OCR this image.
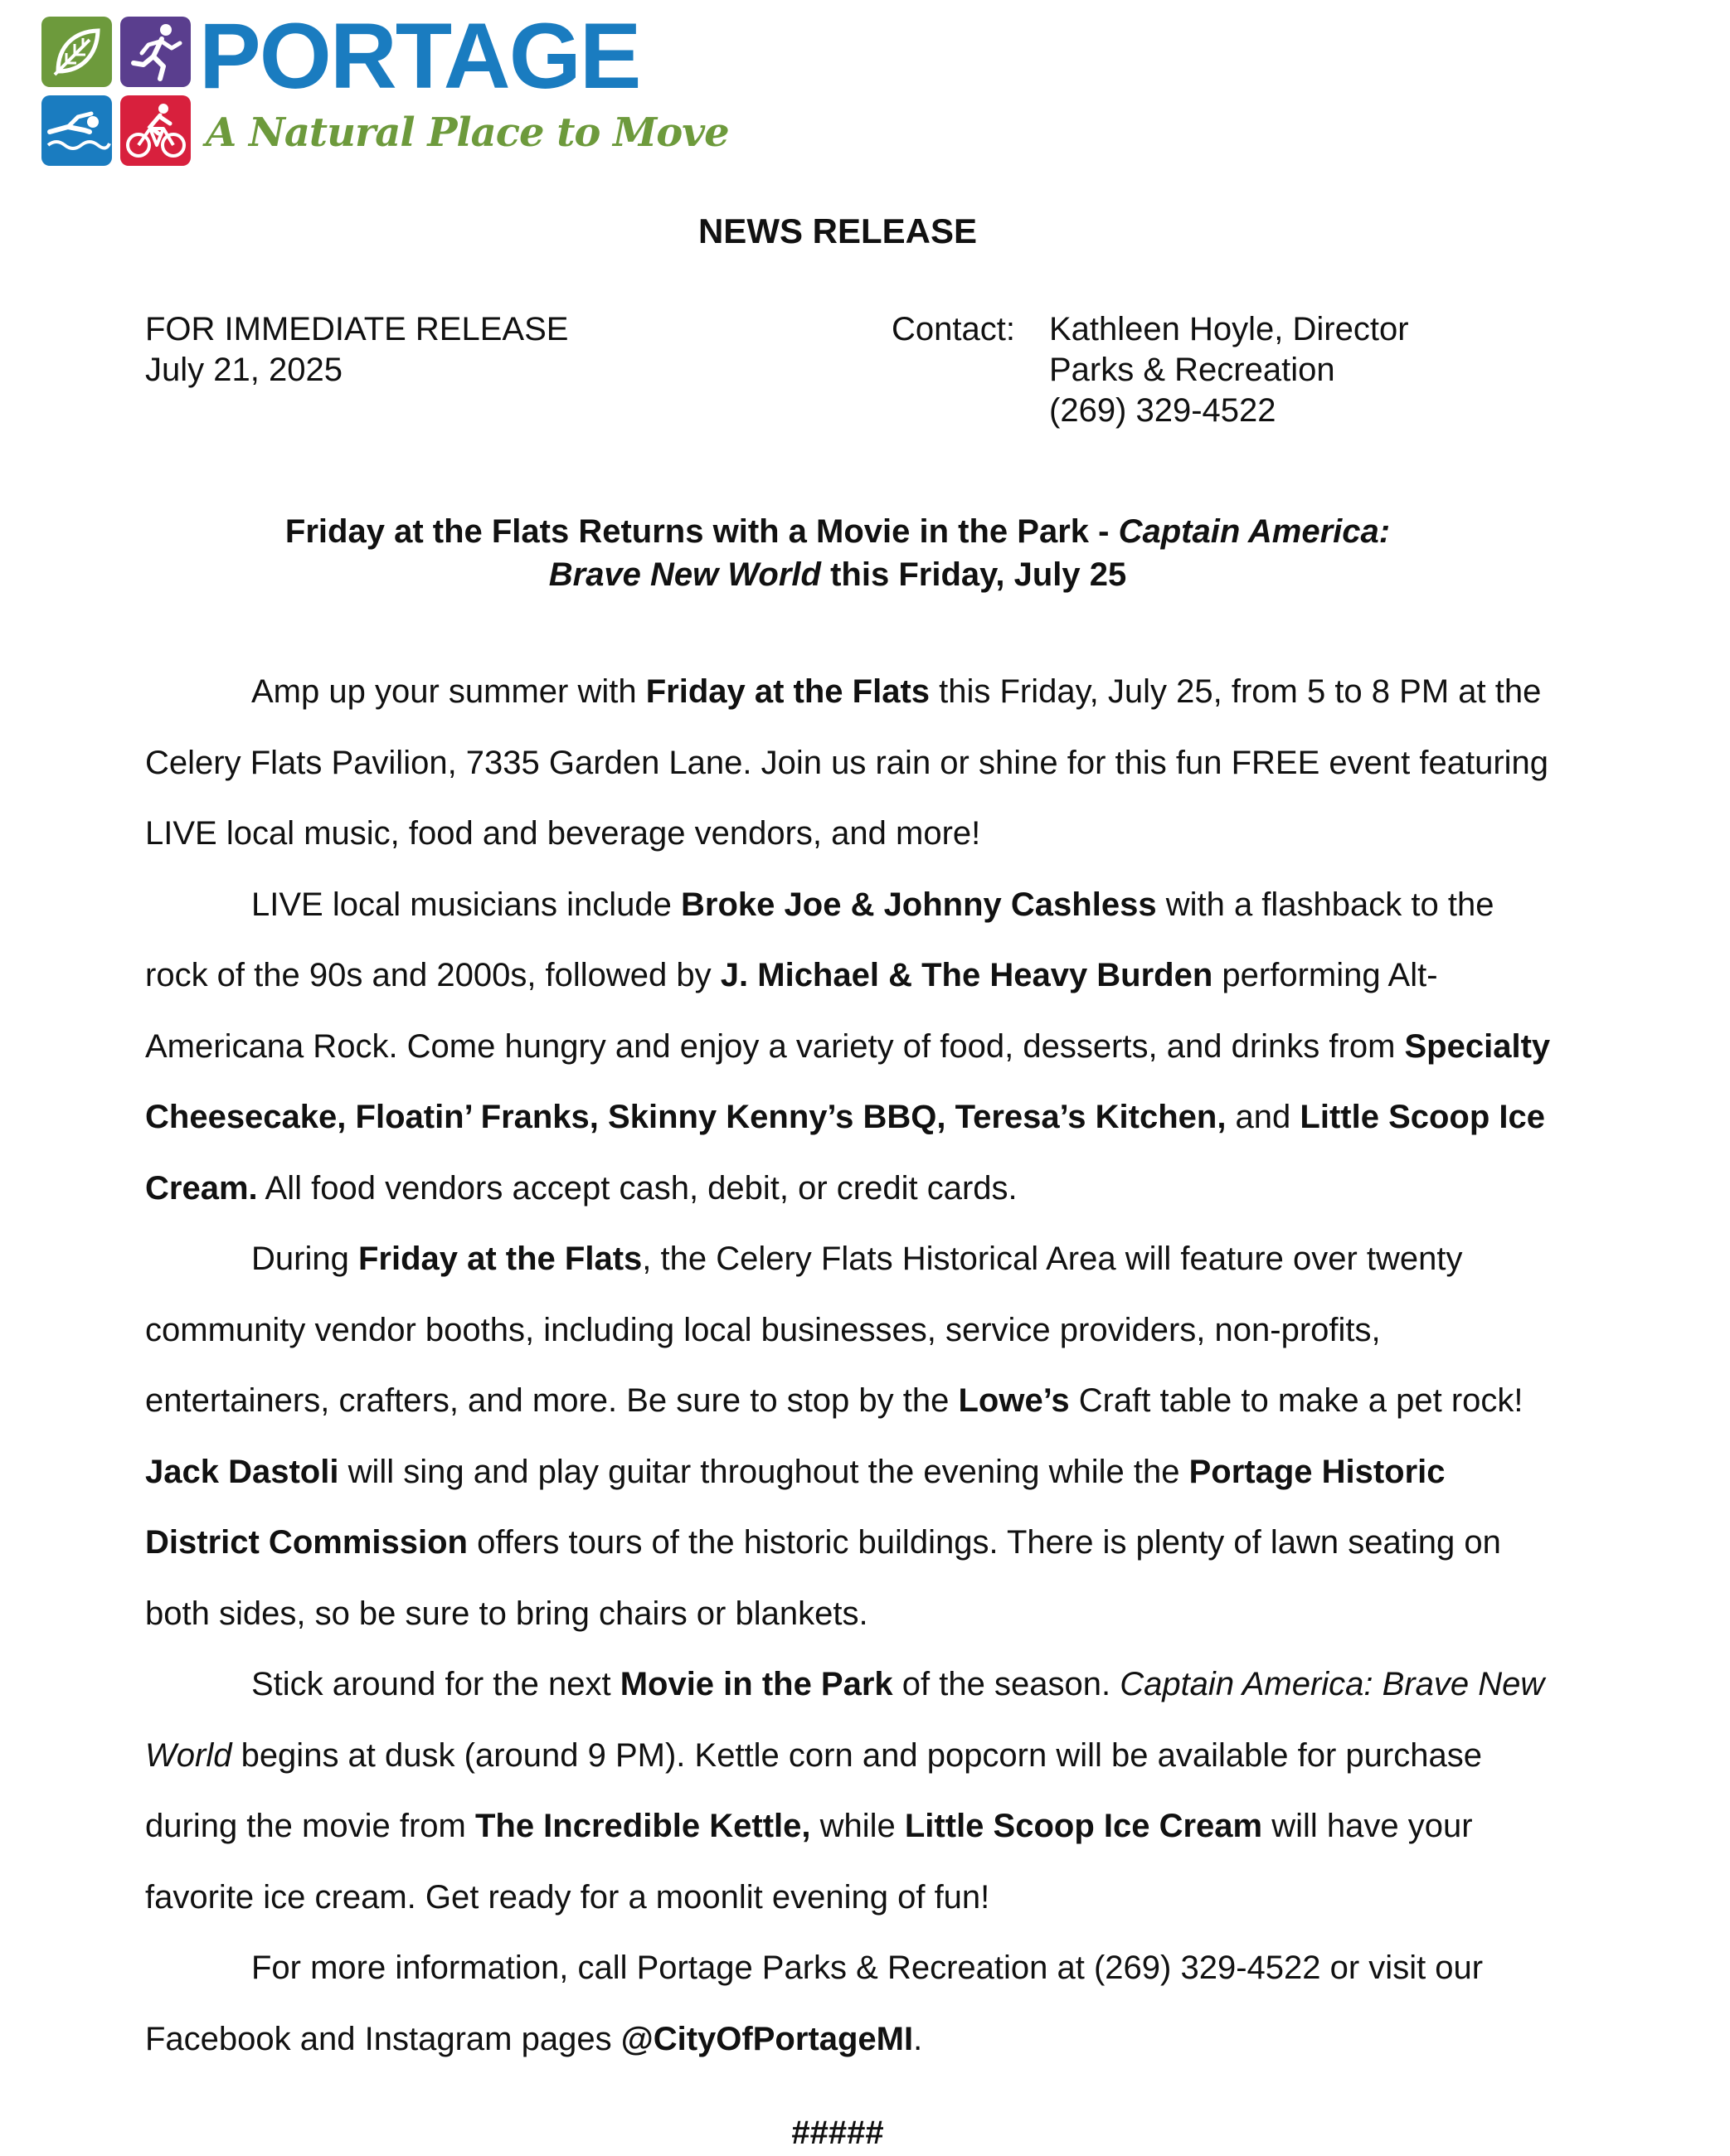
PORTAGE
A Natural Place to Move
NEWS RELEASE
FOR IMMEDIATE RELEASE
July 21, 2025
Contact: Kathleen Hoyle, Director
Parks & Recreation
(269) 329-4522
Friday at the Flats Returns with a Movie in the Park - Captain America:
Brave New World this Friday, July 25

Amp up your summer with Friday at the Flats this Friday, July 25, from 5 to 8 PM at the Celery Flats Pavilion, 7335 Garden Lane. Join us rain or shine for this fun FREE event featuring LIVE local music, food and beverage vendors, and more!

LIVE local musicians include Broke Joe & Johnny Cashless with a flashback to the rock of the 90s and 2000s, followed by J. Michael & The Heavy Burden performing Alt-Americana Rock. Come hungry and enjoy a variety of food, desserts, and drinks from Specialty Cheesecake, Floatin’ Franks, Skinny Kenny’s BBQ, Teresa’s Kitchen, and Little Scoop Ice Cream. All food vendors accept cash, debit, or credit cards.

During Friday at the Flats, the Celery Flats Historical Area will feature over twenty community vendor booths, including local businesses, service providers, non-profits, entertainers, crafters, and more. Be sure to stop by the Lowe’s Craft table to make a pet rock! Jack Dastoli will sing and play guitar throughout the evening while the Portage Historic District Commission offers tours of the historic buildings. There is plenty of lawn seating on both sides, so be sure to bring chairs or blankets.

Stick around for the next Movie in the Park of the season. Captain America: Brave New World begins at dusk (around 9 PM). Kettle corn and popcorn will be available for purchase during the movie from The Incredible Kettle, while Little Scoop Ice Cream will have your favorite ice cream. Get ready for a moonlit evening of fun!

For more information, call Portage Parks & Recreation at (269) 329-4522 or visit our Facebook and Instagram pages @CityOfPortageMI.

#####
